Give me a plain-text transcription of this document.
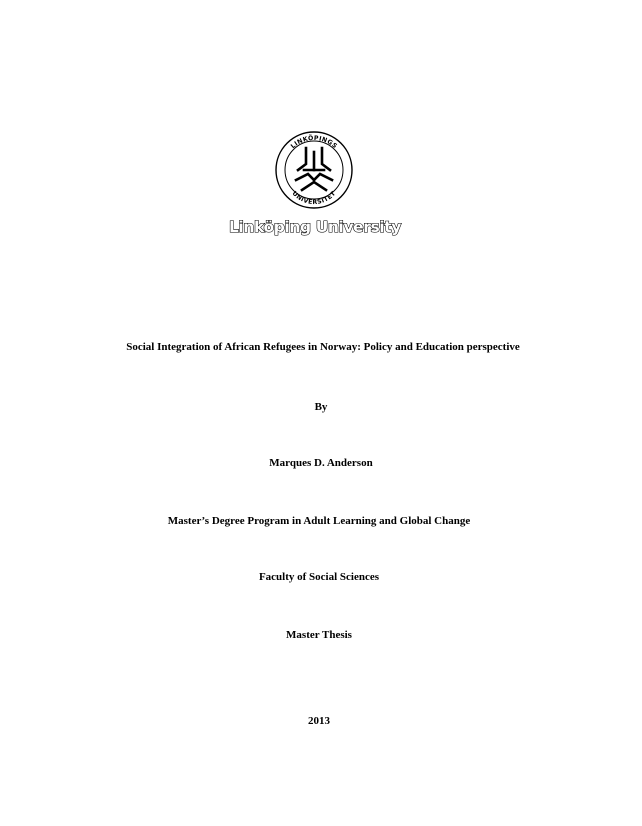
LINKÖPINGS
UNIVERSITET
Linköping University
Social Integration of African Refugees in Norway: Policy and Education perspective
By
Marques D. Anderson
Master’s Degree Program in Adult Learning and Global Change
Faculty of Social Sciences
Master Thesis
2013
